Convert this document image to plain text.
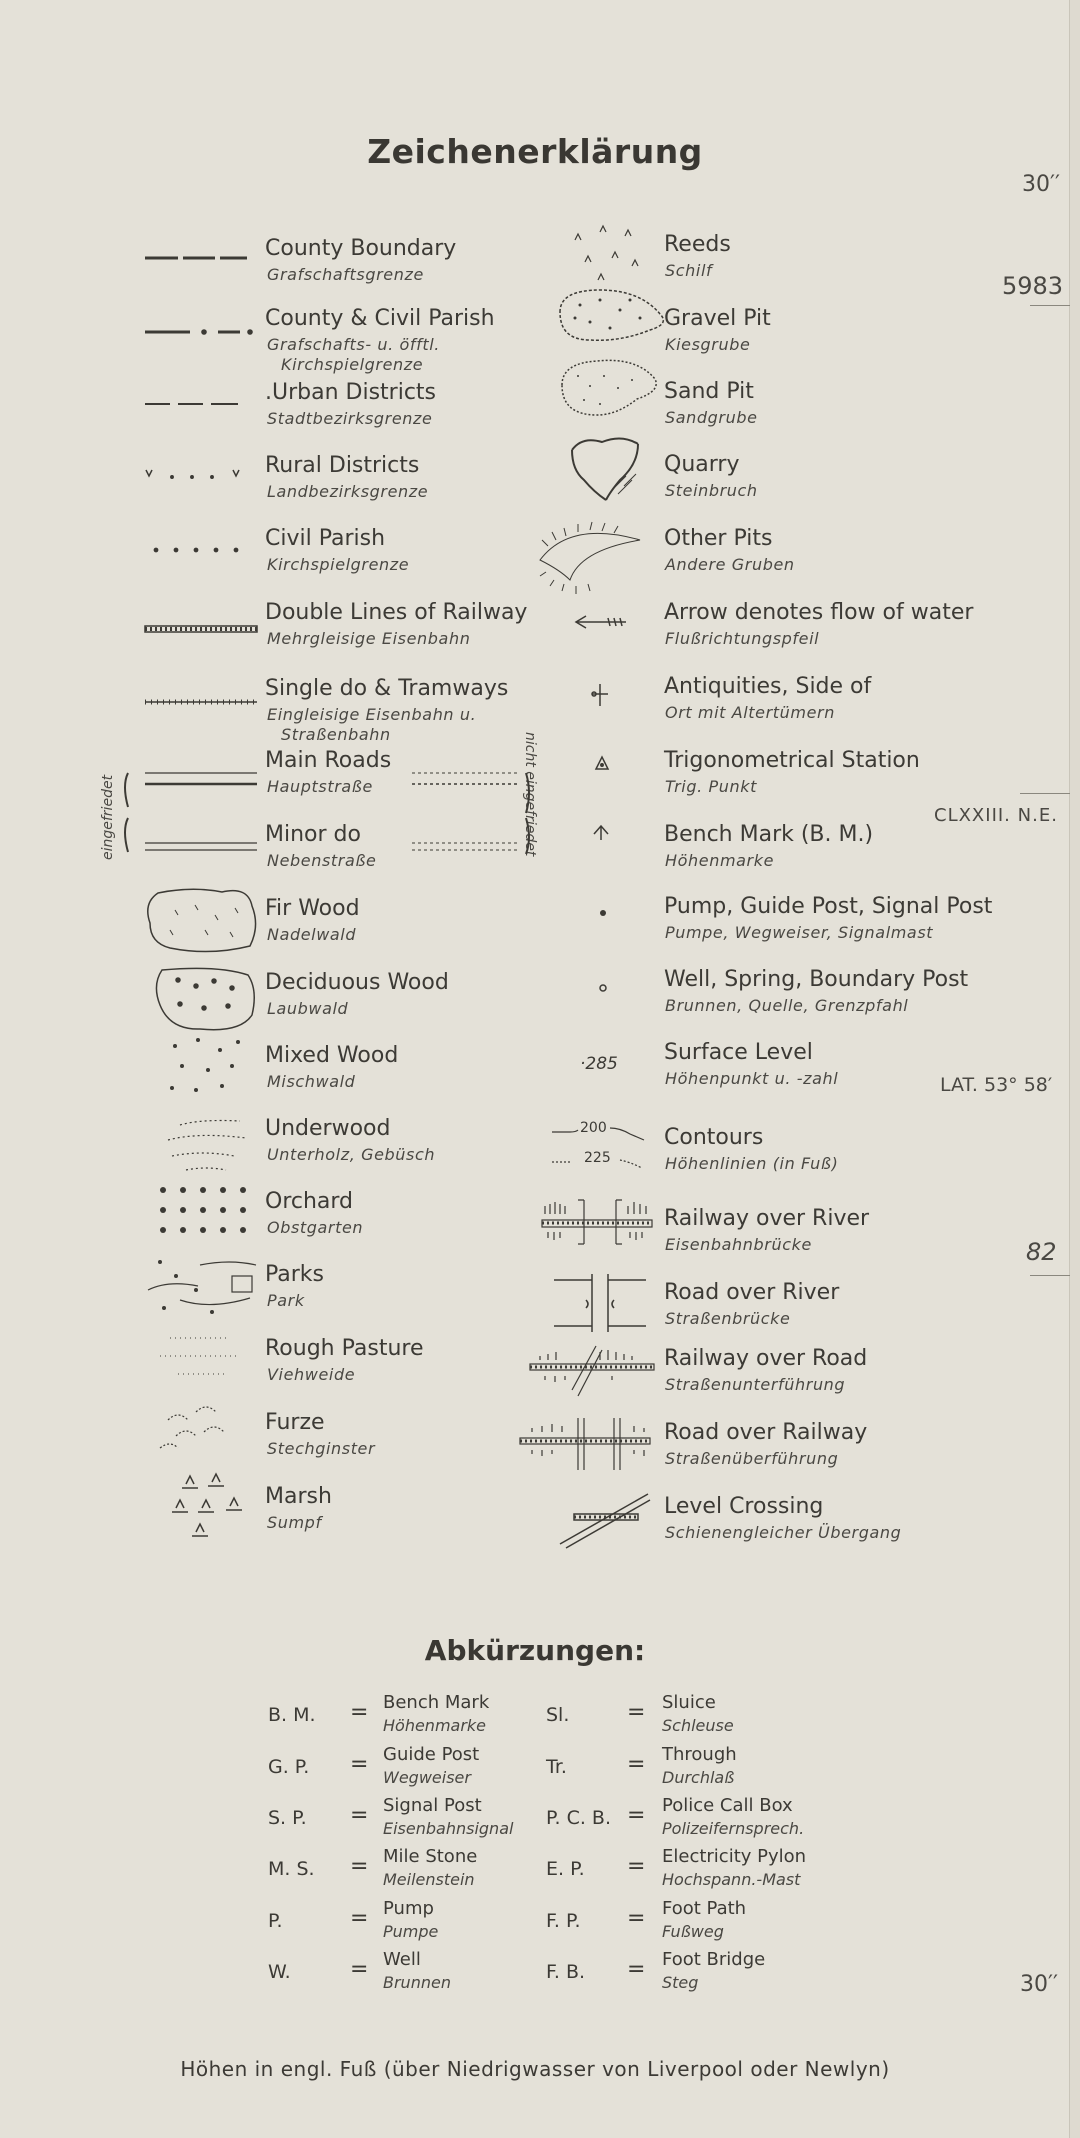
Zeichenerklärung
30′′
5983
CLXXIII. N.E.
LAT. 53° 58′
82
30′′
County Boundary
Grafschaftsgrenze
County & Civil Parish
Grafschafts- u. öfftl.
Kirchspielgrenze
.Urban Districts
Stadtbezirksgrenze
Rural Districts
Landbezirksgrenze
Civil Parish
Kirchspielgrenze
Double Lines of Railway
Mehrgleisige Eisenbahn
Single do & Tramways
Eingleisige Eisenbahn u.
Straßenbahn
Main Roads
Hauptstraße
Minor do
Nebenstraße
Fir Wood
Nadelwald
Deciduous Wood
Laubwald
Mixed Wood
Mischwald
Underwood
Unterholz, Gebüsch
Orchard
Obstgarten
Parks
Park
Rough Pasture
Viehweide
Furze
Stechginster
Marsh
Sumpf
Reeds
Schilf
Gravel Pit
Kiesgrube
Sand Pit
Sandgrube
Quarry
Steinbruch
Other Pits
Andere Gruben
Arrow denotes flow of water
Flußrichtungspfeil
Antiquities, Side of
Ort mit Altertümern
Trigonometrical Station
Trig. Punkt
Bench Mark (B. M.)
Höhenmarke
Pump, Guide Post, Signal Post
Pumpe, Wegweiser, Signalmast
Well, Spring, Boundary Post
Brunnen, Quelle, Grenzpfahl
Surface Level
Höhenpunkt u. -zahl
Contours
Höhenlinien (in Fuß)
Railway over River
Eisenbahnbrücke
Road over River
Straßenbrücke
Railway over Road
Straßenunterführung
Road over Railway
Straßenüberführung
Level Crossing
Schienengleicher Übergang
eingefriedet	nicht eingefriedet
·285
200
225
Abkürzungen:
B. M. = Bench Mark
Höhenmarke
G. P. = Guide Post
Wegweiser
S. P. = Signal Post
Eisenbahnsignal
M. S. = Mile Stone
Meilenstein
P.	= Pump
Pumpe
W.	= Well
Brunnen
Sl.	= Sluice
Schleuse
Tr.	= Through
Durchlaß
P. C. B. = Police Call Box
Polizeifernsprech.
E. P. = Electricity Pylon
Hochspann.-Mast
F. P. = Foot Path
Fußweg
F. B. = Foot Bridge
Steg
Höhen in engl. Fuß (über Niedrigwasser von Liverpool oder Newlyn)
